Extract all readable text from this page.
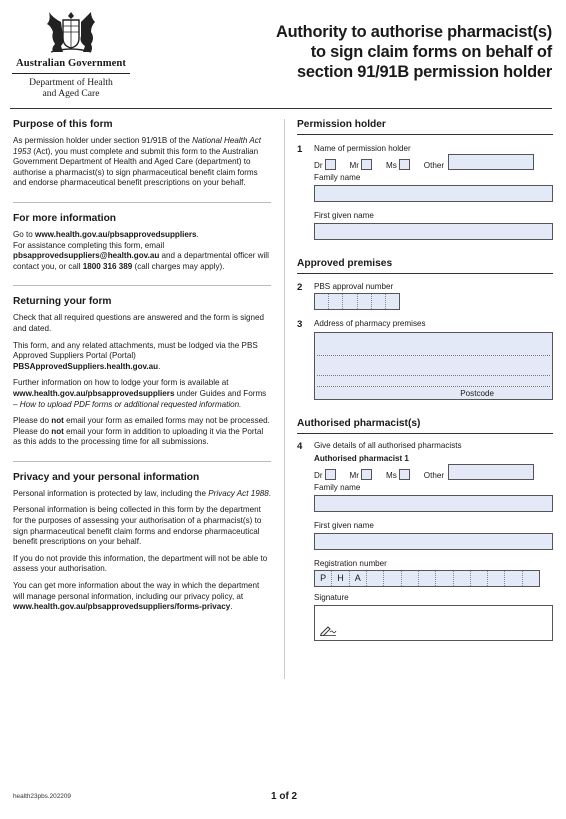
Australian Government
Department of Health
and Aged Care
Authority to authorise pharmacist(s)
to sign claim forms on behalf of
section 91/91B permission holder
Purpose of this form

As permission holder under section 91/91B of the National Health Act 1953 (Act), you must complete and submit this form to the Australian Government Department of Health and Aged Care (department) to authorise a pharmacist(s) to sign pharmaceutical benefit claim forms and endorse pharmaceutical benefit prescriptions on your behalf.

For more information

Go to www.health.gov.au/pbsapprovedsuppliers.
For assistance completing this form, email
pbsapprovedsuppliers@health.gov.au and a departmental officer will contact you, or call 1800 316 389 (call charges may apply).

Returning your form

Check that all required questions are answered and the form is signed and dated.

This form, and any related attachments, must be lodged via the PBS Approved Suppliers Portal (Portal)
PBSApprovedSuppliers.health.gov.au.

Further information on how to lodge your form is available at www.health.gov.au/pbsapprovedsuppliers under Guides and Forms – How to upload PDF forms or additional requested information.

Please do not email your form as emailed forms may not be processed. Please do not email your form in addition to uploading it via the Portal as this adds to the processing time for all submissions.

Privacy and your personal information

Personal information is protected by law, including the Privacy Act 1988.

Personal information is being collected in this form by the department for the purposes of assessing your authorisation of a pharmacist(s) to sign pharmaceutical benefit claim forms and endorse pharmaceutical benefit prescriptions on your behalf.

If you do not provide this information, the department will not be able to assess your authorisation.

You can get more information about the way in which the department will manage personal information, including our privacy policy, at
www.health.gov.au/pbsapprovedsuppliers/forms-privacy.

Permission holder
1 Name of permission holder
Dr	Mr	Ms	Other
Family name
First given name
Approved premises
2 PBS approval number
3 Address of pharmacy premises
Postcode
Authorised pharmacist(s)
4 Give details of all authorised pharmacists
Authorised pharmacist 1
Dr	Mr	Ms	Other
Family name
First given name
Registration number
P	H	A
Signature
health23pbs.202209	1 of 2
